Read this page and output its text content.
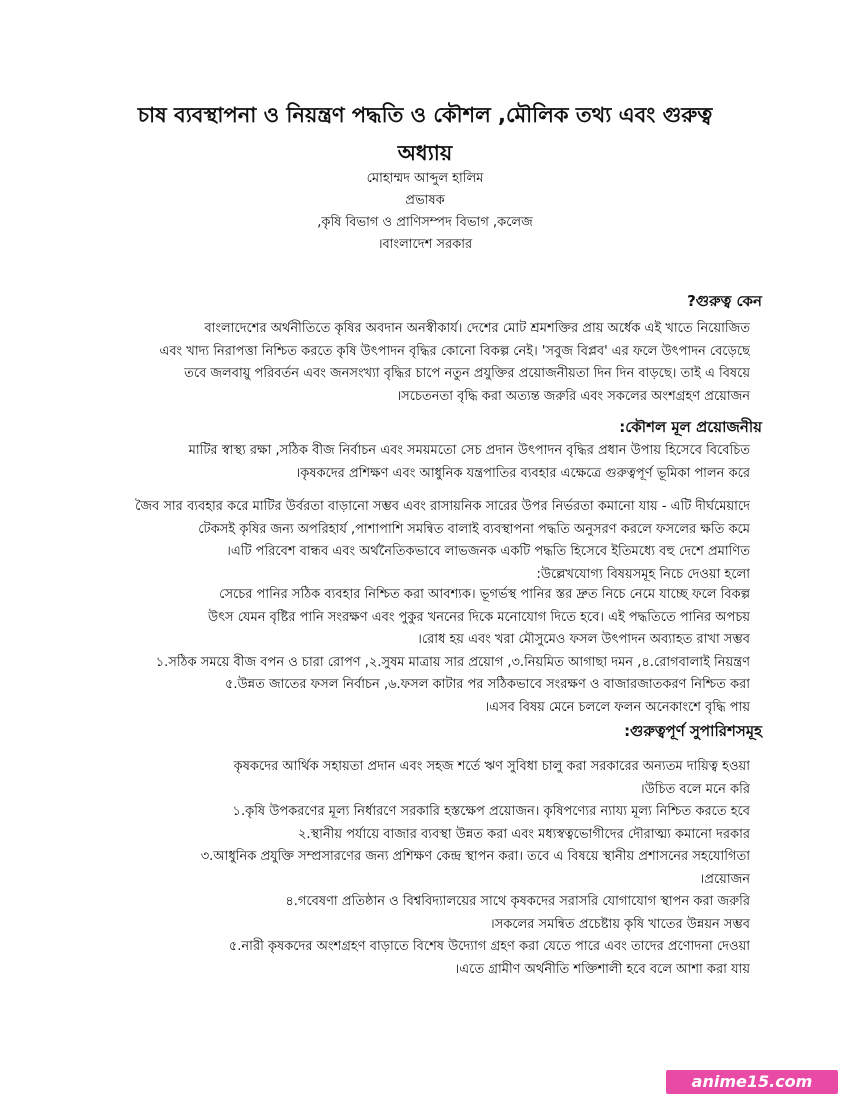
চাষ ব্যবস্থাপনা ও নিয়ন্ত্রণ পদ্ধতি ও কৌশল ,মৌলিক তথ্য এবং গুরুত্ব অধ্যায়
মোহাম্মদ আব্দুল হালিম
প্রভাষক
,কৃষি বিভাগ ও প্রাণিসম্পদ বিভাগ ,কলেজ
।বাংলাদেশ সরকার
?গুরুত্ব কেন
বাংলাদেশের অর্থনীতিতে কৃষির অবদান অনস্বীকার্য। দেশের মোট শ্রমশক্তির প্রায় অর্ধেক এই খাতে নিয়োজিত
এবং খাদ্য নিরাপত্তা নিশ্চিত করতে কৃষি উৎপাদন বৃদ্ধির কোনো বিকল্প নেই। 'সবুজ বিপ্লব' এর ফলে উৎপাদন বেড়েছে
তবে জলবায়ু পরিবর্তন এবং জনসংখ্যা বৃদ্ধির চাপে নতুন প্রযুক্তির প্রয়োজনীয়তা দিন দিন বাড়ছে। তাই এ বিষয়ে
।সচেতনতা বৃদ্ধি করা অত্যন্ত জরুরি এবং সকলের অংশগ্রহণ প্রয়োজন
:কৌশল মূল প্রয়োজনীয়
মাটির স্বাস্থ্য রক্ষা ,সঠিক বীজ নির্বাচন এবং সময়মতো সেচ প্রদান উৎপাদন বৃদ্ধির প্রধান উপায় হিসেবে বিবেচিত
।কৃষকদের প্রশিক্ষণ এবং আধুনিক যন্ত্রপাতির ব্যবহার এক্ষেত্রে গুরুত্বপূর্ণ ভূমিকা পালন করে
জৈব সার ব্যবহার করে মাটির উর্বরতা বাড়ানো সম্ভব এবং রাসায়নিক সারের উপর নির্ভরতা কমানো যায় - এটি দীর্ঘমেয়াদে
টেকসই কৃষির জন্য অপরিহার্য ,পাশাপাশি সমন্বিত বালাই ব্যবস্থাপনা পদ্ধতি অনুসরণ করলে ফসলের ক্ষতি কমে
।এটি পরিবেশ বান্ধব এবং অর্থনৈতিকভাবে লাভজনক একটি পদ্ধতি হিসেবে ইতিমধ্যে বহু দেশে প্রমাণিত
:উল্লেখযোগ্য বিষয়সমূহ নিচে দেওয়া হলো
সেচের পানির সঠিক ব্যবহার নিশ্চিত করা আবশ্যক। ভূগর্ভস্থ পানির স্তর দ্রুত নিচে নেমে যাচ্ছে ফলে বিকল্প
উৎস যেমন বৃষ্টির পানি সংরক্ষণ এবং পুকুর খননের দিকে মনোযোগ দিতে হবে। এই পদ্ধতিতে পানির অপচয়
।রোধ হয় এবং খরা মৌসুমেও ফসল উৎপাদন অব্যাহত রাখা সম্ভব
১.সঠিক সময়ে বীজ বপন ও চারা রোপণ ,২.সুষম মাত্রায় সার প্রয়োগ ,৩.নিয়মিত আগাছা দমন ,৪.রোগবালাই নিয়ন্ত্রণ
৫.উন্নত জাতের ফসল নির্বাচন ,৬.ফসল কাটার পর সঠিকভাবে সংরক্ষণ ও বাজারজাতকরণ নিশ্চিত করা
।এসব বিষয় মেনে চললে ফলন অনেকাংশে বৃদ্ধি পায়
:গুরুত্বপূর্ণ সুপারিশসমূহ
কৃষকদের আর্থিক সহায়তা প্রদান এবং সহজ শর্তে ঋণ সুবিধা চালু করা সরকারের অন্যতম দায়িত্ব হওয়া
।উচিত বলে মনে করি
১.কৃষি উপকরণের মূল্য নির্ধারণে সরকারি হস্তক্ষেপ প্রয়োজন। কৃষিপণ্যের ন্যায্য মূল্য নিশ্চিত করতে হবে
২.স্থানীয় পর্যায়ে বাজার ব্যবস্থা উন্নত করা এবং মধ্যস্বত্বভোগীদের দৌরাত্ম্য কমানো দরকার
৩.আধুনিক প্রযুক্তি সম্প্রসারণের জন্য প্রশিক্ষণ কেন্দ্র স্থাপন করা। তবে এ বিষয়ে স্থানীয় প্রশাসনের সহযোগিতা
।প্রয়োজন
৪.গবেষণা প্রতিষ্ঠান ও বিশ্ববিদ্যালয়ের সাথে কৃষকদের সরাসরি যোগাযোগ স্থাপন করা জরুরি
।সকলের সমন্বিত প্রচেষ্টায় কৃষি খাতের উন্নয়ন সম্ভব
৫.নারী কৃষকদের অংশগ্রহণ বাড়াতে বিশেষ উদ্যোগ গ্রহণ করা যেতে পারে এবং তাদের প্রণোদনা দেওয়া
।এতে গ্রামীণ অর্থনীতি শক্তিশালী হবে বলে আশা করা যায়
anime15.com
